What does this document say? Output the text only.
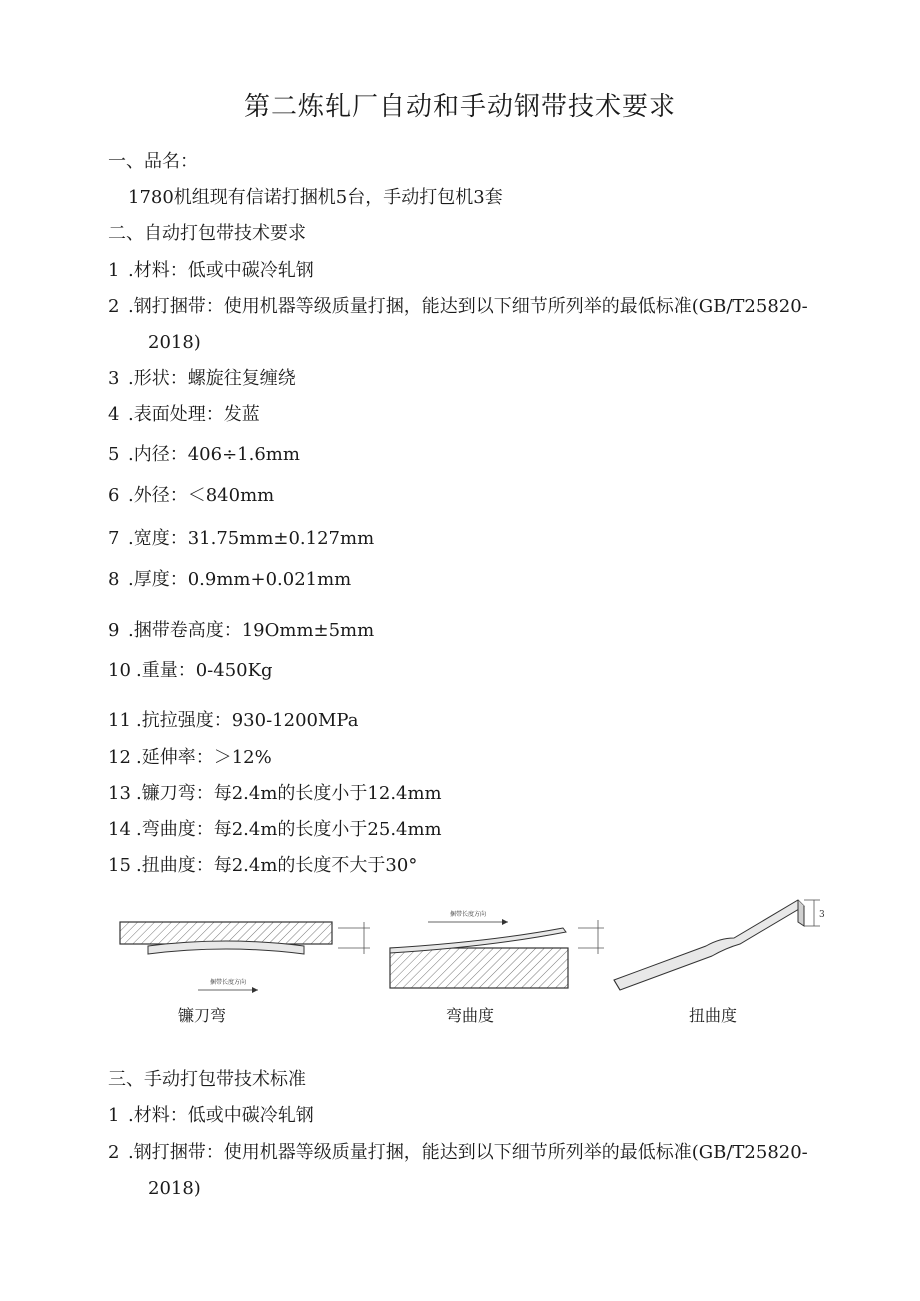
第二炼轧厂自动和手动钢带技术要求
一、品名：
1780机组现有信诺打捆机5台，手动打包机3套
二、自动打包带技术要求
1 .材料：低或中碳冷轧钢
2 .钢打捆带：使用机器等级质量打捆，能达到以下细节所列举的最低标准(GB/T25820-
2018)
3 .形状：螺旋往复缠绕
4 .表面处理：发蓝
5 .内径：406÷1.6mm
6 .外径：＜840mm
7 .宽度：31.75mm±0.127mm
8 .厚度：0.9mm+0.021mm
9 .捆带卷高度：19Omm±5mm
10 .重量：0-450Kg
11 .抗拉强度：930-1200MPa
12 .延伸率：＞12%
13 .镰刀弯：每2.4m的长度小于12.4mm
14 .弯曲度：每2.4m的长度小于25.4mm
15 .扭曲度：每2.4m的长度不大于30°
捆带长度方向
捆带长度方向	3
镰刀弯	弯曲度	扭曲度
三、手动打包带技术标准
1 .材料：低或中碳冷轧钢
2 .钢打捆带：使用机器等级质量打捆，能达到以下细节所列举的最低标准(GB/T25820-
2018)
